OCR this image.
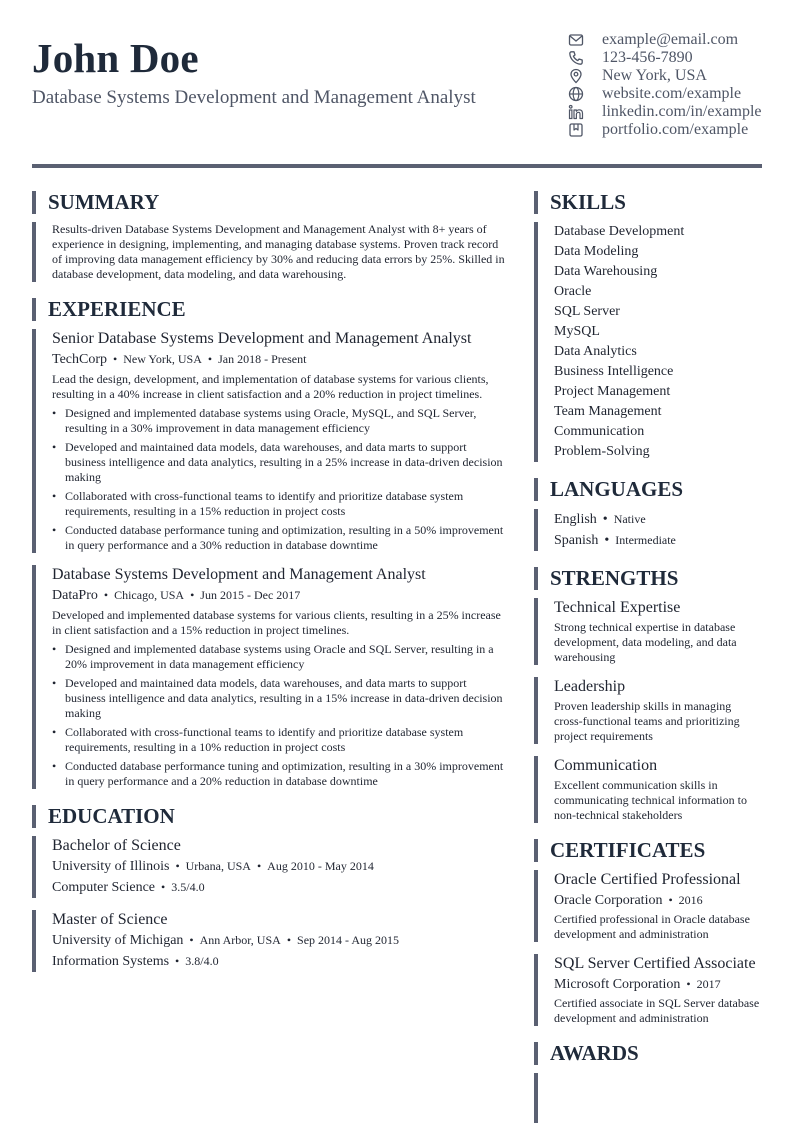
John Doe
Database Systems Development and Management Analyst
example@email.com
123-456-7890
New York, USA
website.com/example
linkedin.com/in/example
portfolio.com/example
SUMMARY
Results-driven Database Systems Development and Management Analyst with 8+ years of experience in designing, implementing, and managing database systems. Proven track record of improving data management efficiency by 30% and reducing data errors by 25%. Skilled in database development, data modeling, and data warehousing.
EXPERIENCE
Senior Database Systems Development and Management Analyst
TechCorp • New York, USA • Jan 2018 - Present
Lead the design, development, and implementation of database systems for various clients, resulting in a 40% increase in client satisfaction and a 20% reduction in project timelines.
• Designed and implemented database systems using Oracle, MySQL, and SQL Server, resulting in a 30% improvement in data management efficiency
• Developed and maintained data models, data warehouses, and data marts to support business intelligence and data analytics, resulting in a 25% increase in data-driven decision making
• Collaborated with cross-functional teams to identify and prioritize database system requirements, resulting in a 15% reduction in project costs
• Conducted database performance tuning and optimization, resulting in a 50% improvement in query performance and a 30% reduction in database downtime
Database Systems Development and Management Analyst
DataPro • Chicago, USA • Jun 2015 - Dec 2017
Developed and implemented database systems for various clients, resulting in a 25% increase in client satisfaction and a 15% reduction in project timelines.
• Designed and implemented database systems using Oracle and SQL Server, resulting in a 20% improvement in data management efficiency
• Developed and maintained data models, data warehouses, and data marts to support business intelligence and data analytics, resulting in a 15% increase in data-driven decision making
• Collaborated with cross-functional teams to identify and prioritize database system requirements, resulting in a 10% reduction in project costs
• Conducted database performance tuning and optimization, resulting in a 30% improvement in query performance and a 20% reduction in database downtime
EDUCATION
Bachelor of Science
University of Illinois • Urbana, USA • Aug 2010 - May 2014
Computer Science • 3.5/4.0
Master of Science
University of Michigan • Ann Arbor, USA • Sep 2014 - Aug 2015
Information Systems • 3.8/4.0
SKILLS
Database Development
Data Modeling
Data Warehousing
Oracle
SQL Server
MySQL
Data Analytics
Business Intelligence
Project Management
Team Management
Communication
Problem-Solving
LANGUAGES
English • Native
Spanish • Intermediate
STRENGTHS
Technical Expertise
Strong technical expertise in database development, data modeling, and data warehousing
Leadership
Proven leadership skills in managing cross-functional teams and prioritizing project requirements
Communication
Excellent communication skills in communicating technical information to non-technical stakeholders
CERTIFICATES
Oracle Certified Professional
Oracle Corporation • 2016
Certified professional in Oracle database development and administration
SQL Server Certified Associate
Microsoft Corporation • 2017
Certified associate in SQL Server database development and administration
AWARDS
